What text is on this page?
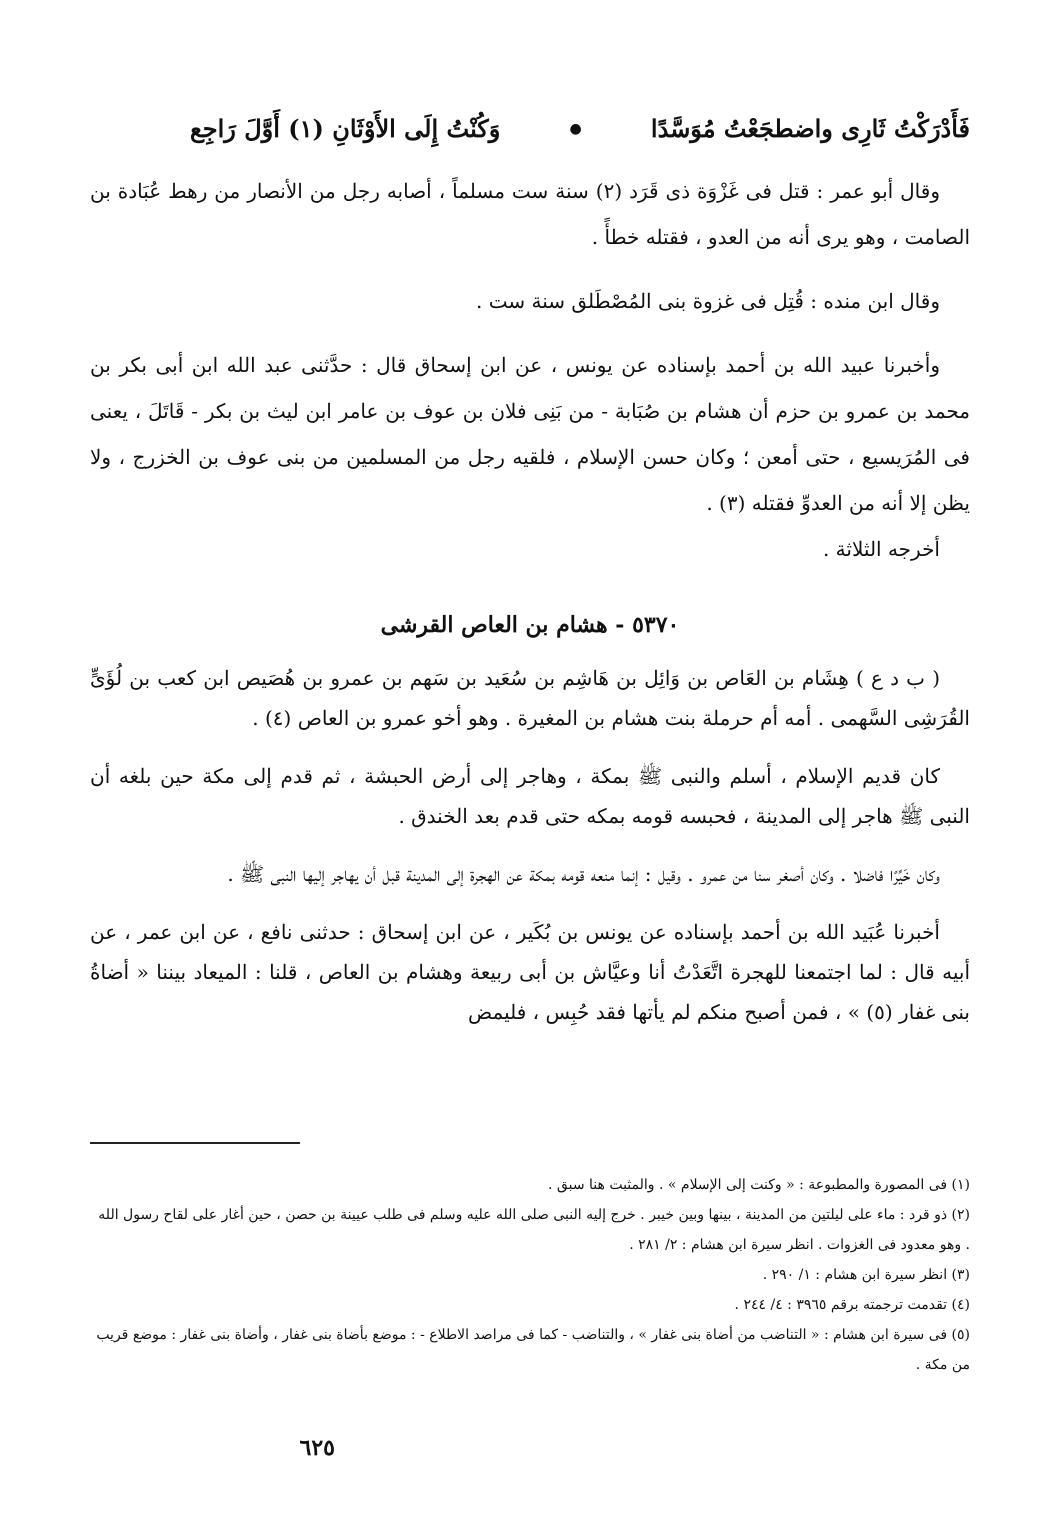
فَأَدْرَكْتُ ثَارِى واضطجَعْتُ مُوَسَّدًا
●
وَكُنْتُ إِلَى الأَوْثَانِ (١) أَوَّلَ رَاجِع

وقال أبو عمر : قتل فى غَزْوَة ذى قَرَد (٢) سنة ست مسلماً ، أصابه رجل من الأنصار من رهط عُبَادة بن الصامت ، وهو يرى أنه من العدو ، فقتله خطأً .

وقال ابن منده : قُتِل فى غزوة بنى المُصْطَلق سنة ست .

وأخبرنا عبيد الله بن أحمد بإسناده عن يونس ، عن ابن إسحاق قال : حدَّثنى عبد الله ابن أبى بكر بن محمد بن عمرو بن حزم أن هشام بن صُبَابة - من بَنِى فلان بن عوف بن عامر ابن ليث بن بكر - قَاتَلَ ، يعنى فى المُرَيسيع ، حتى أمعن ؛ وكان حسن الإسلام ، فلقيه رجل من المسلمين من بنى عوف بن الخزرج ، ولا يظن إلا أنه من العدوِّ فقتله (٣) .

أخرجه الثلاثة .

٥٣٧٠ - هشام بن العاص القرشى

( ب د ع ) هِشَام بن العَاص بن وَائِل بن هَاشِم بن سُعَيد بن سَهم بن عمرو بن هُصَيص ابن كعب بن لُؤَىٍّ القُرَشِى السَّهمى . أمه أم حرملة بنت هشام بن المغيرة . وهو أخو عمرو بن العاص (٤) .

كان قديم الإسلام ، أسلم والنبى ﷺ بمكة ، وهاجر إلى أرض الحبشة ، ثم قدم إلى مكة حين بلغه أن النبى ﷺ هاجر إلى المدينة ، فحبسه قومه بمكه حتى قدم بعد الخندق .

وكان خَيِّرًا فاضلا . وكان أصغر سنا من عمرو . وقيل : إنما منعه قومه بمكة عن الهجرة إلى المدينة قبل أن يهاجر إليها النبى ﷺ .

أخبرنا عُبَيد الله بن أحمد بإسناده عن يونس بن بُكَير ، عن ابن إسحاق : حدثنى نافع ، عن ابن عمر ، عن أبيه قال : لما اجتمعنا للهجرة اتَّعَدْتُ أنا وعيَّاش بن أبى ربيعة وهشام بن العاص ، قلنا : الميعاد بيننا « أضاةُ بنى غفار (٥) » ، فمن أصبح منكم لم يأتها فقد حُبِس ، فليمض

(١) فى المصورة والمطبوعة : « وكنت إلى الإسلام » . والمثبت هنا سبق .

(٢) ذو قرد : ماء على ليلتين من المدينة ، بينها وبين خيبر . خرج إليه النبى صلى الله عليه وسلم فى طلب عيينة بن حصن ، حين أغار على لقاح رسول الله . وهو معدود فى الغزوات . انظر سيرة ابن هشام : ٢/ ٢٨١ .

(٣) انظر سيرة ابن هشام : ١/ ٢٩٠ .

(٤) تقدمت ترجمته برقم ٣٩٦٥ : ٤/ ٢٤٤ .

(٥) فى سيرة ابن هشام : « التناضب من أضاة بنى غفار » ، والتناضب - كما فى مراصد الاطلاع - : موضع بأضاة بنى غفار ، وأضاة بنى غفار : موضع قريب من مكة .

٦٢٥
